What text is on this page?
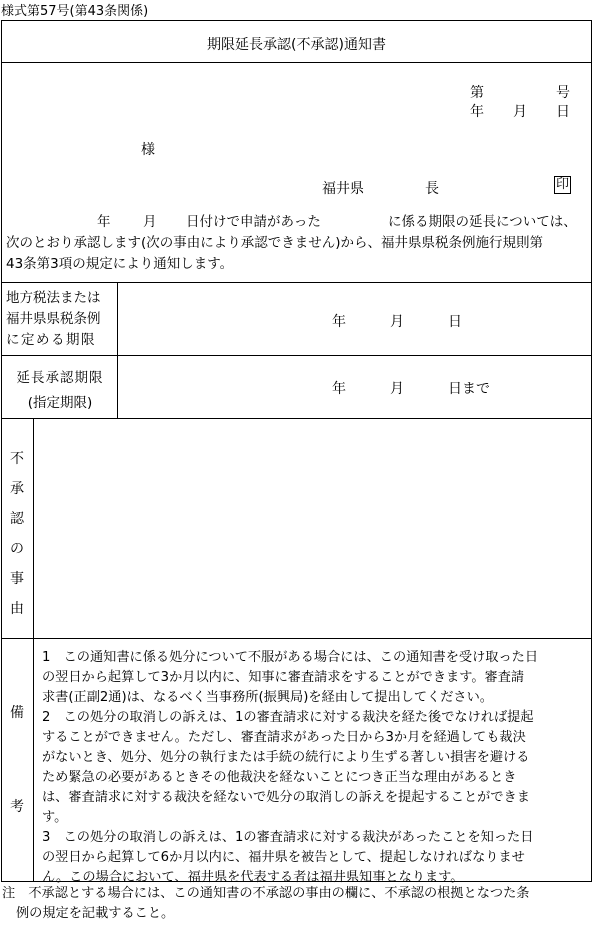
様式第57号(第43条関係)
期限延長承認(不承認)通知書
第	号
年 月 日
様
福井県	長	印
年 月 日付けで申請があった	に係る期限の延長については、
次のとおり承認します(次の事由により承認できません)から、福井県県税条例施行規則第
43条第3項の規定により通知します。
地方税法または
福井県県税条例
に定める期限
年	月	日
延長承認期限
(指定期限)
年	月	日まで
不
承
認
の
事
由
備
考
1　この通知書に係る処分について不服がある場合には、この通知書を受け取った日
の翌日から起算して3か月以内に、知事に審査請求をすることができます。審査請
求書(正副2通)は、なるべく当事務所(振興局)を経由して提出してください。
2　この処分の取消しの訴えは、1の審査請求に対する裁決を経た後でなければ提起
することができません。ただし、審査請求があった日から3か月を経過しても裁決
がないとき、処分、処分の執行または手続の続行により生ずる著しい損害を避ける
ため緊急の必要があるときその他裁決を経ないことにつき正当な理由があるとき
は、審査請求に対する裁決を経ないで処分の取消しの訴えを提起することができま
す。
3　この処分の取消しの訴えは、1の審査請求に対する裁決があったことを知った日
の翌日から起算して6か月以内に、福井県を被告として、提起しなければなりませ
ん。この場合において、福井県を代表する者は福井県知事となります。
注　不承認とする場合には、この通知書の不承認の事由の欄に、不承認の根拠となつた条
例の規定を記載すること。
